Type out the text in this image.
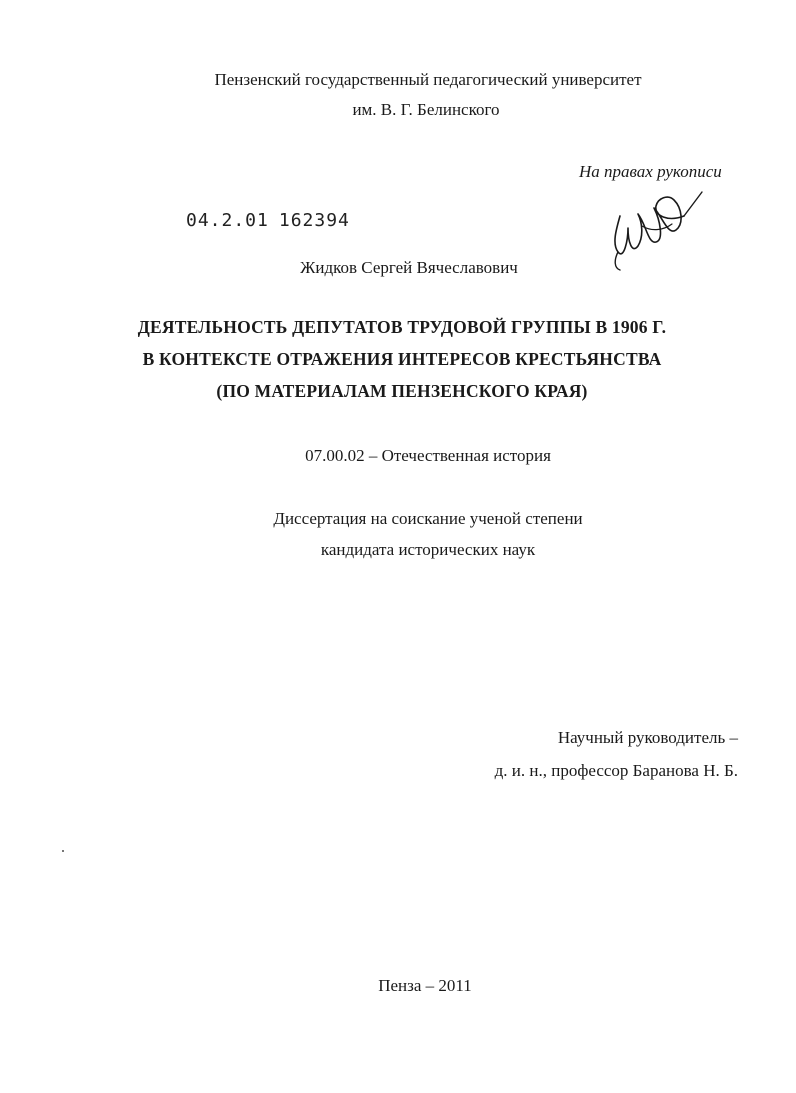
Пензенский государственный педагогический университет
им. В. Г. Белинского
На правах рукописи
04.2.01 162394
Жидков Сергей Вячеславович
ДЕЯТЕЛЬНОСТЬ ДЕПУТАТОВ ТРУДОВОЙ ГРУППЫ В 1906 Г.
В КОНТЕКСТЕ ОТРАЖЕНИЯ ИНТЕРЕСОВ КРЕСТЬЯНСТВА
(ПО МАТЕРИАЛАМ ПЕНЗЕНСКОГО КРАЯ)
07.00.02 – Отечественная история
Диссертация на соискание ученой степени
кандидата исторических наук
Научный руководитель –
д. и. н., профессор Баранова Н. Б.
Пенза – 2011
